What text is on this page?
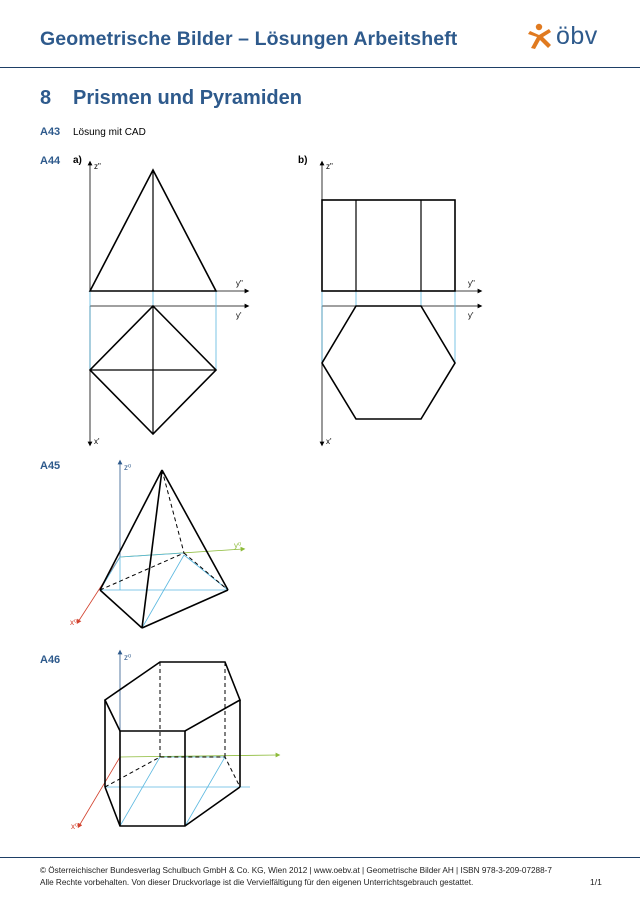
Geometrische Bilder – Lösungen Arbeitsheft	öbv
8 Prismen und Pyramiden
A43 Lösung mit CAD
A44 a)	b)
A45
A46
z"
y"
y'
x'
z"
y"
y'
x'
z⁰
y⁰
x⁰
z⁰
x⁰
© Österreichischer Bundesverlag Schulbuch GmbH & Co. KG, Wien 2012 | www.oebv.at | Geometrische Bilder AH | ISBN 978-3-209-07288-7
Alle Rechte vorbehalten. Von dieser Druckvorlage ist die Vervielfältigung für den eigenen Unterrichtsgebrauch gestattet.	1/1
